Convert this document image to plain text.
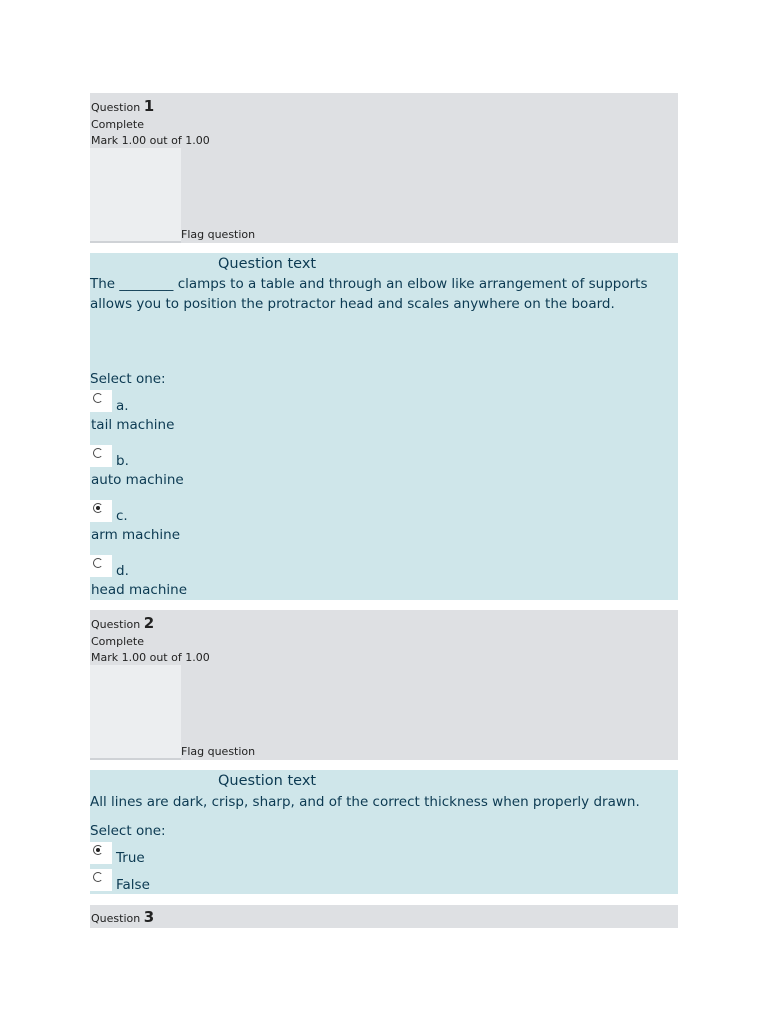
Question 1
Complete
Mark 1.00 out of 1.00
Flag question
Question text
The ________ clamps to a table and through an elbow like arrangement of supports allows you to position the protractor head and scales anywhere on the board.
Select one:
a.
tail machine
b.
auto machine
c.
arm machine
d.
head machine
Question 2
Complete
Mark 1.00 out of 1.00
Flag question
Question text
All lines are dark, crisp, sharp, and of the correct thickness when properly drawn.
Select one:
True
False
Question 3
